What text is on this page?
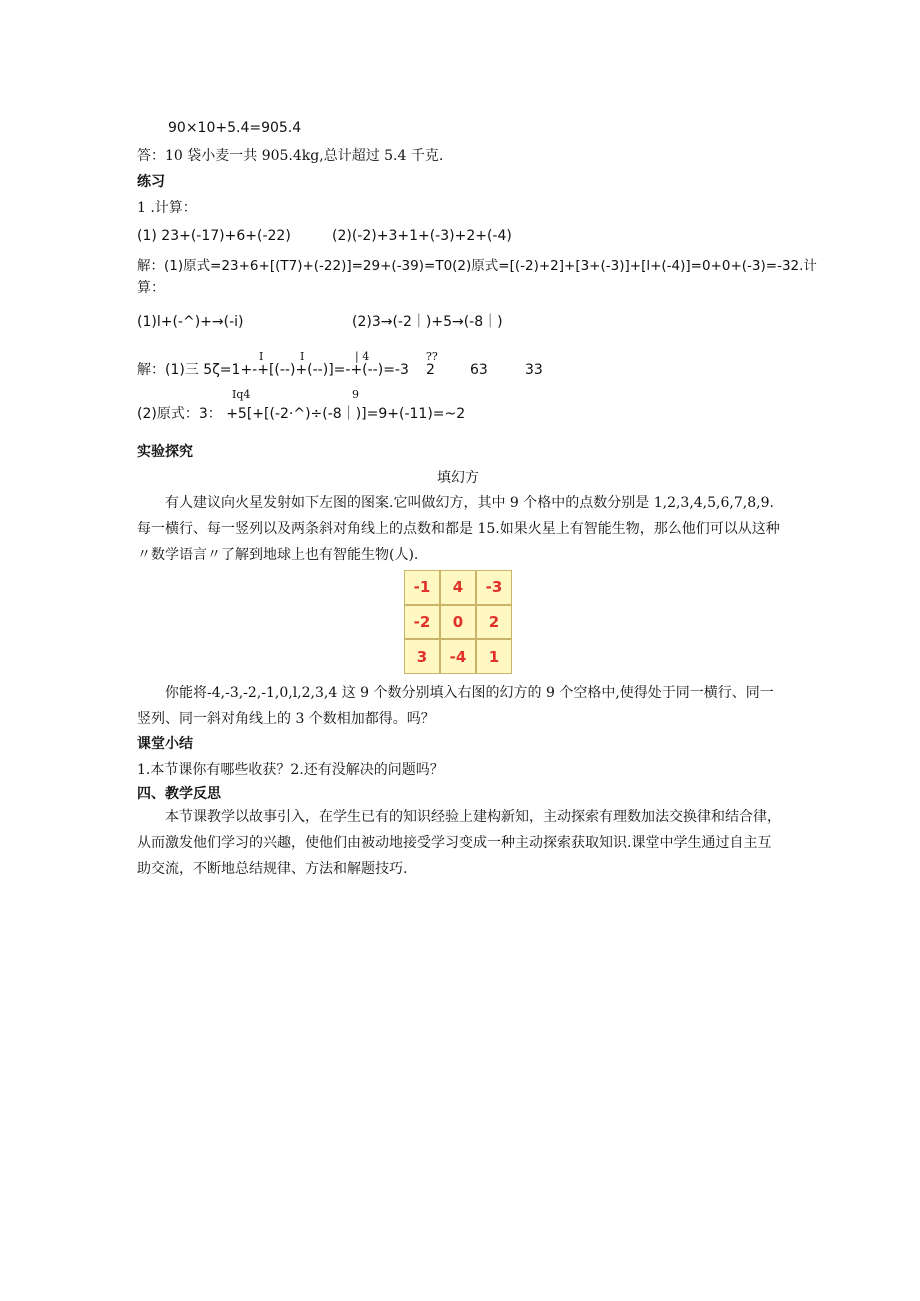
90×10+5.4=905.4
答：10 袋小麦一共 905.4kg,总计超过 5.4 千克.
练习
1 .计算：
(1) 23+(-17)+6+(-22)	(2)(-2)+3+1+(-3)+2+(-4)
解：(1)原式=23+6+[(T7)+(-22)]=29+(-39)=T0(2)原式=[(-2)+2]+[3+(-3)]+[l+(-4)]=0+0+(-3)=-32.计
算：
(1)l+(-^)+→(-i)	(2)3→(-2｜)+5→(-8｜)
I	I	| 4	??
解：(1)三 5ζ=1+-+[(--)+(--)]=-+(--)=-3 2	63	33
Iq4	9
(2)原式：3： +5[+[(-2·^)÷(-8｜)]=9+(-11)=~2
实验探究
填幻方

有人建议向火星发射如下左图的图案.它叫做幻方，其中 9 个格中的点数分别是 1,2,3,4,5,6,7,8,9.每一横行、每一竖列以及两条斜对角线上的点数和都是 15.如果火星上有智能生物，那么他们可以从这种〃数学语言〃了解到地球上也有智能生物(人).

-1	4	-3
-2	0	2
3	-4	1

你能将-4,-3,-2,-1,0,l,2,3,4 这 9 个数分别填入右图的幻方的 9 个空格中,使得处于同一横行、同一竖列、同一斜对角线上的 3 个数相加都得。吗？

课堂小结
1.本节课你有哪些收获？2.还有没解决的问题吗？
四、教学反思

本节课教学以故事引入，在学生已有的知识经验上建构新知，主动探索有理数加法交换律和结合律，从而激发他们学习的兴趣，使他们由被动地接受学习变成一种主动探索获取知识.课堂中学生通过自主互助交流，不断地总结规律、方法和解题技巧.
